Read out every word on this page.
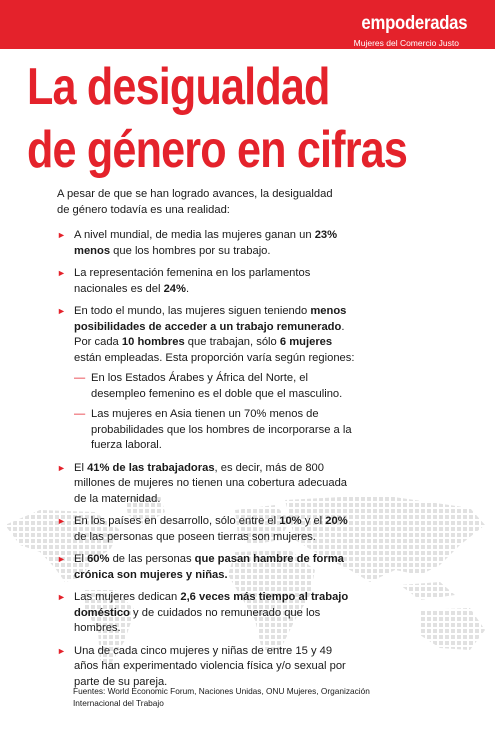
empoderadas
Mujeres del Comercio Justo
La desigualdad
de género en cifras
A pesar de que se han logrado avances, la desigualdad
de género todavía es una realidad:
► A nivel mundial, de media las mujeres ganan un 23% menos que los hombres por su trabajo.
► La representación femenina en los parlamentos nacionales es del 24%.
► En todo el mundo, las mujeres siguen teniendo menos posibilidades de acceder a un trabajo remunerado. Por cada 10 hombres que trabajan, sólo 6 mujeres están empleadas. Esta proporción varía según regiones:
— En los Estados Árabes y África del Norte, el desempleo femenino es el doble que el masculino.
— Las mujeres en Asia tienen un 70% menos de probabilidades que los hombres de incorporarse a la fuerza laboral.
► El 41% de las trabajadoras, es decir, más de 800 millones de mujeres no tienen una cobertura adecuada de la maternidad.
► En los países en desarrollo, sólo entre el 10% y el 20% de las personas que poseen tierras son mujeres.
► El 60% de las personas que pasan hambre de forma crónica son mujeres y niñas.
► Las mujeres dedican 2,6 veces más tiempo al trabajo doméstico y de cuidados no remunerado que los hombres.
► Una de cada cinco mujeres y niñas de entre 15 y 49 años han experimentado violencia física y/o sexual por parte de su pareja.
Fuentes: World Economic Forum, Naciones Unidas, ONU Mujeres, Organización Internacional del Trabajo
